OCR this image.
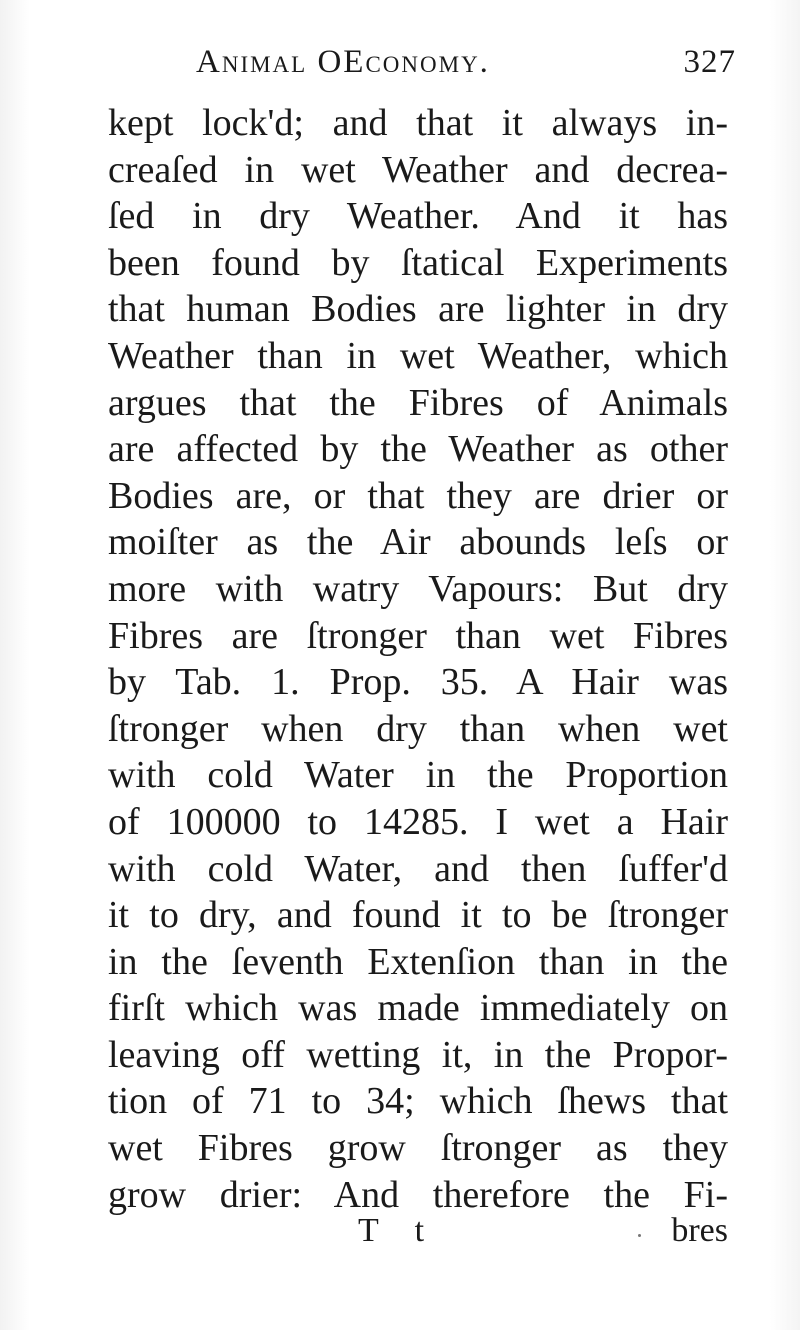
Animal OEconomy.	327
kept lock'd; and that it always in-
creaſed in wet Weather and decrea-
ſed in dry Weather. And it has
been found by ſtatical Experiments
that human Bodies are lighter in dry
Weather than in wet Weather, which
argues that the Fibres of Animals
are affected by the Weather as other
Bodies are, or that they are drier or
moiſter as the Air abounds leſs or
more with watry Vapours: But dry
Fibres are ſtronger than wet Fibres
by Tab. 1. Prop. 35. A Hair was
ſtronger when dry than when wet
with cold Water in the Proportion
of 100000 to 14285. I wet a Hair
with cold Water, and then ſuffer'd
it to dry, and found it to be ſtronger
in the ſeventh Extenſion than in the
firſt which was made immediately on
leaving off wetting it, in the Propor-
tion of 71 to 34; which ſhews that
wet Fibres grow ſtronger as they
grow drier: And therefore the Fi-
T t	bres
